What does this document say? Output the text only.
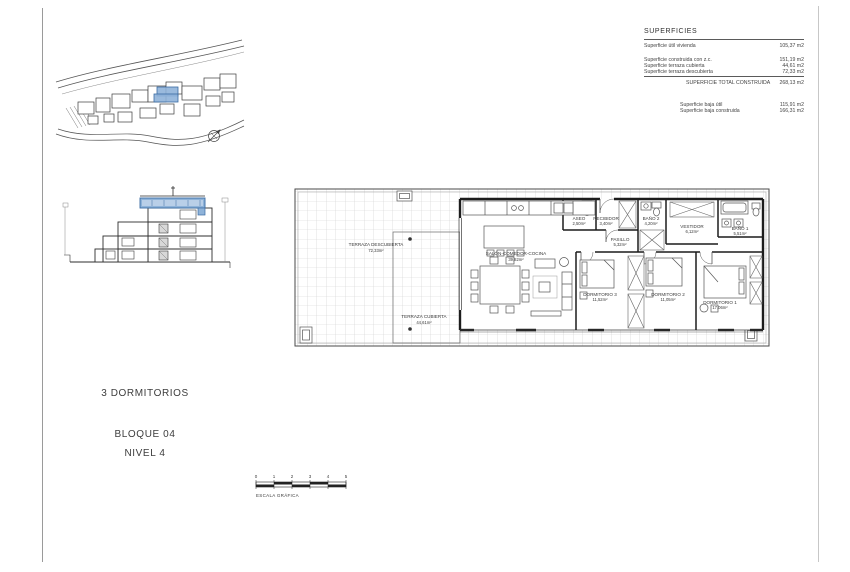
3 DORMITORIOS
BLOQUE 04
NIVEL 4
SUPERFICIES
Superficie útil vivienda	105,37 m2
Superficie construida con z.c.	151,19 m2
Superficie terraza cubierta	44,61 m2
Superficie terraza descubierta	72,33 m2
SUPERFICIE TOTAL CONSTRUIDA 268,13 m2
Superficie baja útil	115,91 m2
Superficie baja construida	166,31 m2
TERRAZA DESCUBIERTA
72,33m²
TERRAZA CUBIERTA
44,61m²
SALÓN-COMEDOR-COCINA
39,82m²
ASEO
2,50m²
RECIBIDOR
3,40m²
BAÑO 2
4,20m²
PASILLO
5,32m²
VESTIDOR
6,12m²
BAÑO 1
5,51m²
DORMITORIO 3
11,52m²
DORMITORIO 2
11,05m²
DORMITORIO 1
17,06m²
0	1	2	3	4	5
ESCALA GRÁFICA
